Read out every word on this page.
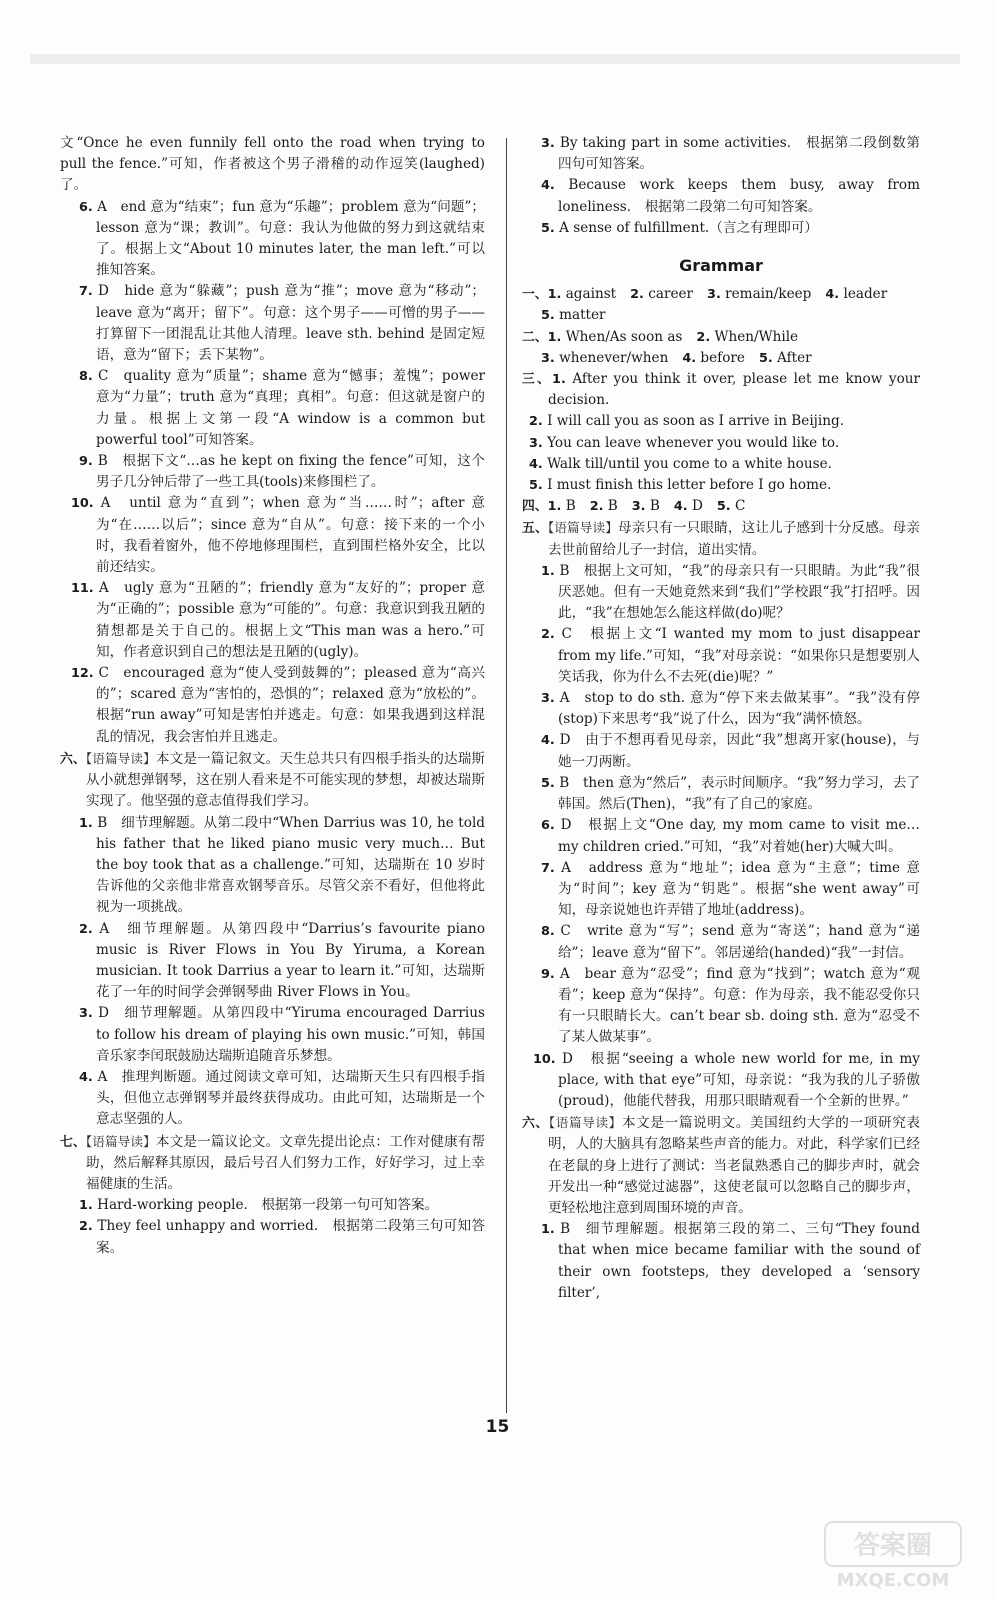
文“Once he even funnily fell onto the road when trying to pull the fence.”可知，作者被这个男子滑稽的动作逗笑(laughed)了。
6. A　end 意为“结束”；fun 意为“乐趣”；problem 意为“问题”；lesson 意为“课；教训”。句意：我认为他做的努力到这就结束了。根据上文“About 10 minutes later, the man left.”可以推知答案。
7. D　hide 意为“躲藏”；push 意为“推”；move 意为“移动”；leave 意为“离开；留下”。句意：这个男子——可憎的男子——打算留下一团混乱让其他人清理。leave sth. behind 是固定短语，意为“留下；丢下某物”。
8. C　quality 意为“质量”；shame 意为“憾事；羞愧”；power 意为“力量”；truth 意为“真理；真相”。句意：但这就是窗户的力量。根据上文第一段“A window is a common but powerful tool”可知答案。
9. B　根据下文“…as he kept on fixing the fence”可知，这个男子几分钟后带了一些工具(tools)来修围栏了。
10. A　until 意为“直到”；when 意为“当……时”；after 意为“在……以后”；since 意为“自从”。句意：接下来的一个小时，我看着窗外，他不停地修理围栏，直到围栏格外安全，比以前还结实。
11. A　ugly 意为“丑陋的”；friendly 意为“友好的”；proper 意为“正确的”；possible 意为“可能的”。句意：我意识到我丑陋的猜想都是关于自己的。根据上文“This man was a hero.”可知，作者意识到自己的想法是丑陋的(ugly)。
12. C　encouraged 意为“使人受到鼓舞的”；pleased 意为“高兴的”；scared 意为“害怕的，恐惧的”；relaxed 意为“放松的”。根据“run away”可知是害怕并逃走。句意：如果我遇到这样混乱的情况，我会害怕并且逃走。
六、【语篇导读】本文是一篇记叙文。天生总共只有四根手指头的达瑞斯从小就想弹钢琴，这在别人看来是不可能实现的梦想，却被达瑞斯实现了。他坚强的意志值得我们学习。
1. B　细节理解题。从第二段中“When Darrius was 10, he told his father that he liked piano music very much… But the boy took that as a challenge.”可知，达瑞斯在 10 岁时告诉他的父亲他非常喜欢钢琴音乐。尽管父亲不看好，但他将此视为一项挑战。
2. A　细节理解题。从第四段中“Darrius’s favourite piano music is River Flows in You By Yiruma, a Korean musician. It took Darrius a year to learn it.”可知，达瑞斯花了一年的时间学会弹钢琴曲 River Flows in You。
3. D　细节理解题。从第四段中“Yiruma encouraged Darrius to follow his dream of playing his own music.”可知，韩国音乐家李闰珉鼓励达瑞斯追随音乐梦想。
4. A　推理判断题。通过阅读文章可知，达瑞斯天生只有四根手指头，但他立志弹钢琴并最终获得成功。由此可知，达瑞斯是一个意志坚强的人。
七、【语篇导读】本文是一篇议论文。文章先提出论点：工作对健康有帮助，然后解释其原因，最后号召人们努力工作，好好学习，过上幸福健康的生活。
1. Hard-working people.　根据第一段第一句可知答案。
2. They feel unhappy and worried.　根据第二段第三句可知答案。
3. By taking part in some activities.　根据第二段倒数第四句可知答案。
4. Because work keeps them busy, away from loneliness.　根据第二段第二句可知答案。
5. A sense of fulfillment.（言之有理即可）
Grammar
一、1. against 2. career 3. remain/keep 4. leader
5. matter
二、1. When/As soon as 2. When/While
3. whenever/when 4. before 5. After
三、1. After you think it over, please let me know your decision.
2. I will call you as soon as I arrive in Beijing.
3. You can leave whenever you would like to.
4. Walk till/until you come to a white house.
5. I must finish this letter before I go home.
四、1. B 2. B 3. B 4. D 5. C
五、【语篇导读】母亲只有一只眼睛，这让儿子感到十分反感。母亲去世前留给儿子一封信，道出实情。
1. B　根据上文可知，“我”的母亲只有一只眼睛。为此“我”很厌恶她。但有一天她竟然来到“我们”学校跟“我”打招呼。因此，“我”在想她怎么能这样做(do)呢？
2. C　根据上文“I wanted my mom to just disappear from my life.”可知，“我”对母亲说：“如果你只是想要别人笑话我，你为什么不去死(die)呢？”
3. A　stop to do sth. 意为“停下来去做某事”。“我”没有停(stop)下来思考“我”说了什么，因为“我”满怀愤怒。
4. D　由于不想再看见母亲，因此“我”想离开家(house)，与她一刀两断。
5. B　then 意为“然后”，表示时间顺序。“我”努力学习，去了韩国。然后(Then)，“我”有了自己的家庭。
6. D　根据上文“One day, my mom came to visit me… my children cried.”可知，“我”对着她(her)大喊大叫。
7. A　address 意为“地址”；idea 意为“主意”；time 意为“时间”；key 意为“钥匙”。根据“she went away”可知，母亲说她也许弄错了地址(address)。
8. C　write 意为“写”；send 意为“寄送”；hand 意为“递给”；leave 意为“留下”。邻居递给(handed)“我”一封信。
9. A　bear 意为“忍受”；find 意为“找到”；watch 意为“观看”；keep 意为“保持”。句意：作为母亲，我不能忍受你只有一只眼睛长大。can’t bear sb. doing sth. 意为“忍受不了某人做某事”。
10. D　根据“seeing a whole new world for me, in my place, with that eye”可知，母亲说：“我为我的儿子骄傲(proud)，他能代替我，用那只眼睛观看一个全新的世界。”
六、【语篇导读】本文是一篇说明文。美国纽约大学的一项研究表明，人的大脑具有忽略某些声音的能力。对此，科学家们已经在老鼠的身上进行了测试：当老鼠熟悉自己的脚步声时，就会开发出一种“感觉过滤器”，这使老鼠可以忽略自己的脚步声，更轻松地注意到周围环境的声音。
1. B　细节理解题。根据第三段的第二、三句“They found that when mice became familiar with the sound of their own footsteps, they developed a ‘sensory filter’,
15
答案圈
MXQE.COM
